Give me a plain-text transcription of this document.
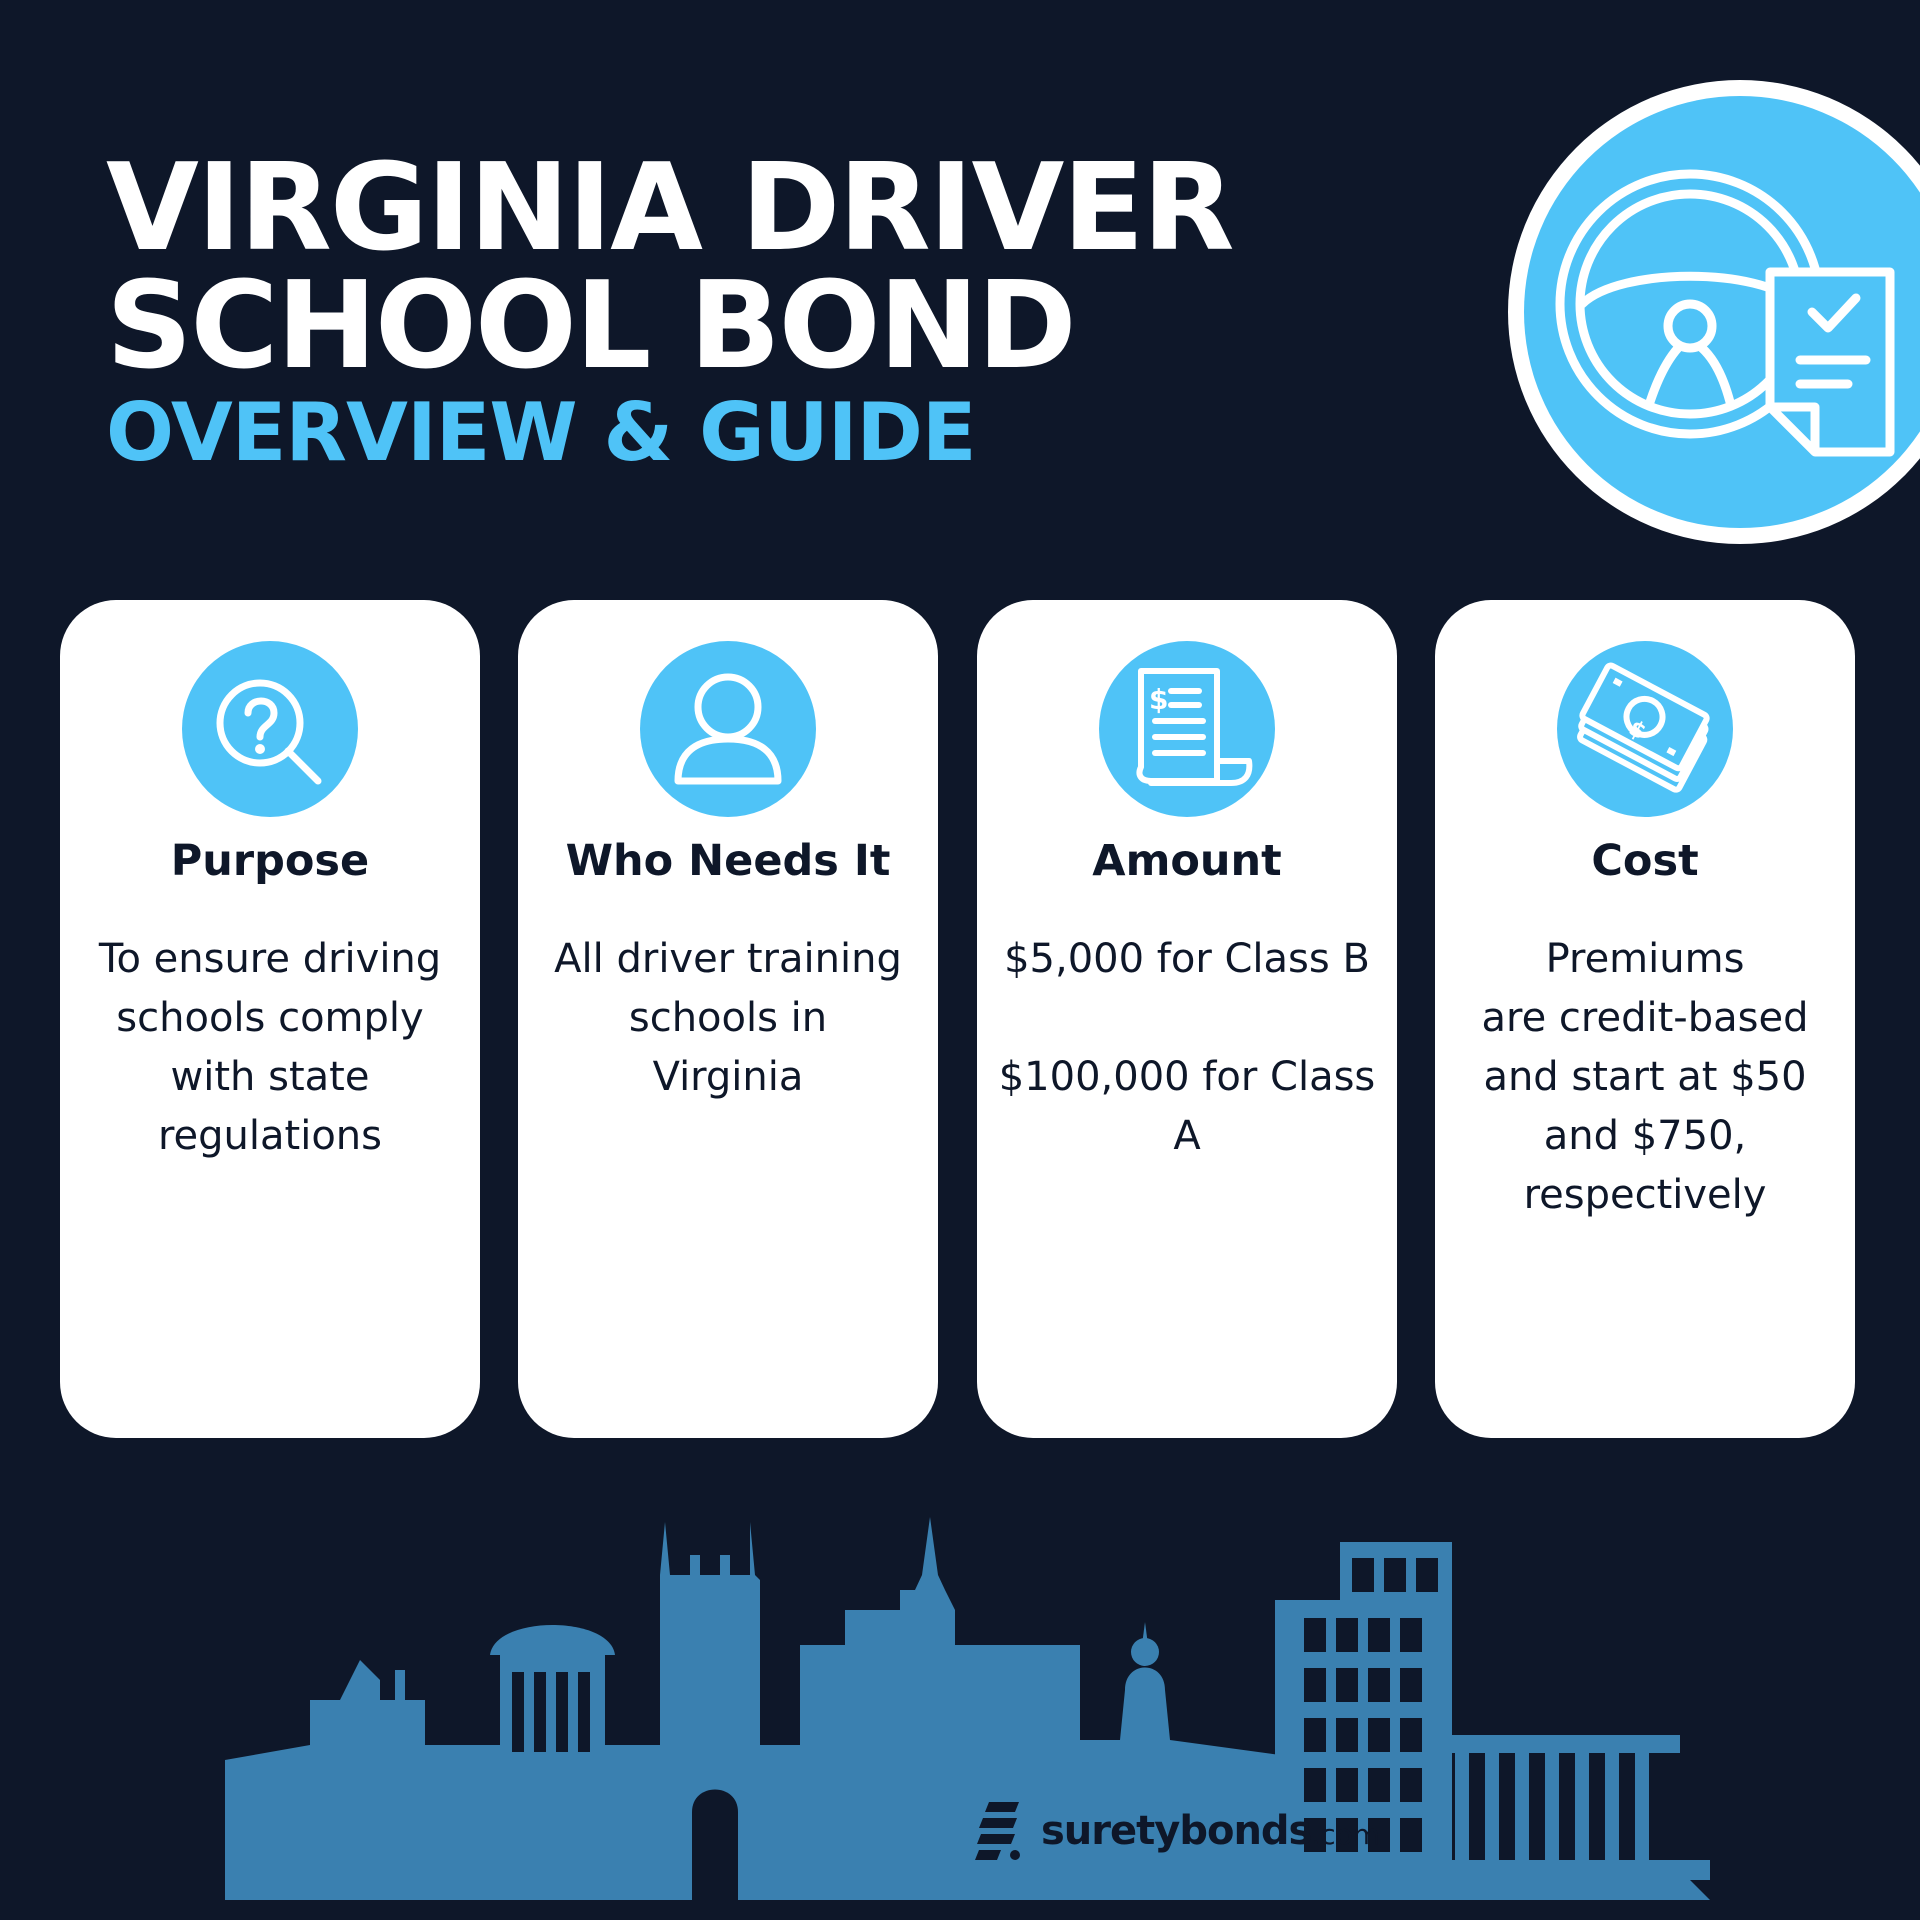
VIRGINIA DRIVER
SCHOOL BOND
OVERVIEW & GUIDE
Purpose

To ensure driving
schools comply
with state
regulations

Who Needs It

All driver training
schools in
Virginia

$
Amount

$5,000 for Class B
$100,000 for Class
A

$
Cost

Premiums
are credit-based
and start at $50
and $750,
respectively

suretybonds.com
